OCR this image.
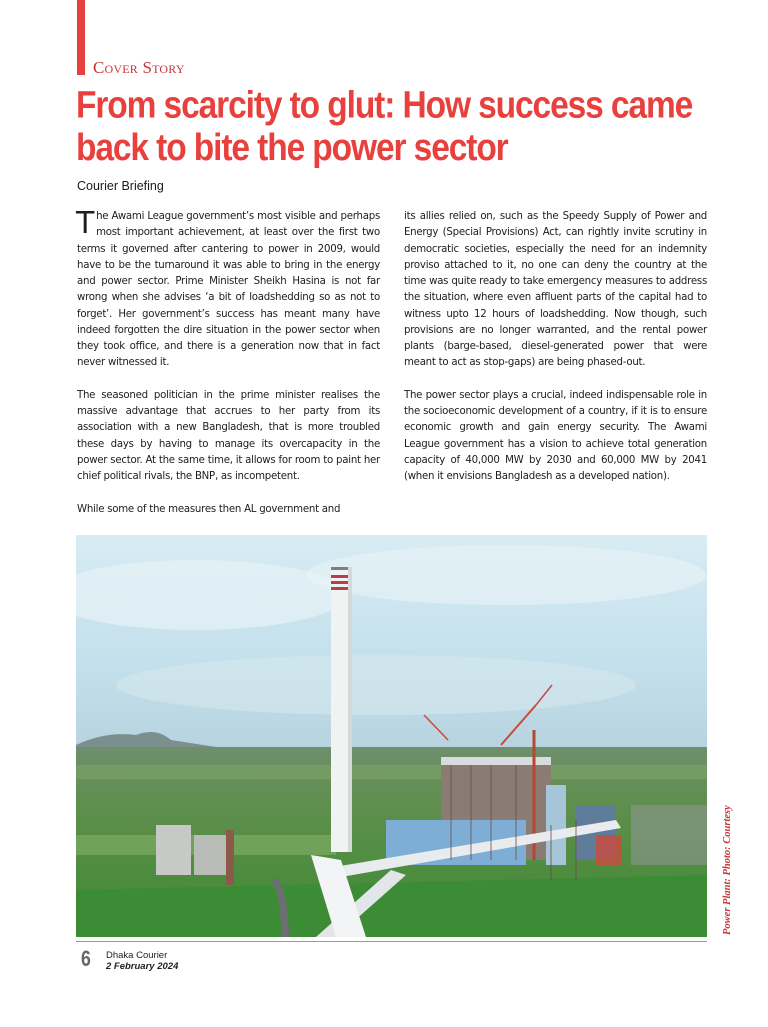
Cover Story
From scarcity to glut: How success came back to bite the power sector
Courier Briefing

The Awami League government’s most visible and perhaps most important achievement, at least over the first two terms it governed after cantering to power in 2009, would have to be the turnaround it was able to bring in the energy and power sector. Prime Minister Sheikh Hasina is not far wrong when she advises ‘a bit of loadshedding so as not to forget’. Her government’s success has meant many have indeed forgotten the dire situation in the power sector when they took office, and there is a generation now that in fact never witnessed it.

The seasoned politician in the prime minister realises the massive advantage that accrues to her party from its association with a new Bangladesh, that is more troubled these days by having to manage its overcapacity in the power sector. At the same time, it allows for room to paint her chief political rivals, the BNP, as incompetent.

While some of the measures then AL government and

its allies relied on, such as the Speedy Supply of Power and Energy (Special Provisions) Act, can rightly invite scrutiny in democratic societies, especially the need for an indemnity proviso attached to it, no one can deny the country at the time was quite ready to take emergency measures to address the situation, where even affluent parts of the capital had to witness upto 12 hours of loadshedding. Now though, such provisions are no longer warranted, and the rental power plants (barge-based, diesel-generated power that were meant to act as stop-gaps) are being phased-out.

The power sector plays a crucial, indeed indispensable role in the socioeconomic development of a country, if it is to ensure economic growth and gain energy security. The Awami League government has a vision to achieve total generation capacity of 40,000 MW by 2030 and 60,000 MW by 2041 (when it envisions Bangladesh as a developed nation).

Power Plant: Photo: Courtesy
6 Dhaka Courier
2 February 2024
